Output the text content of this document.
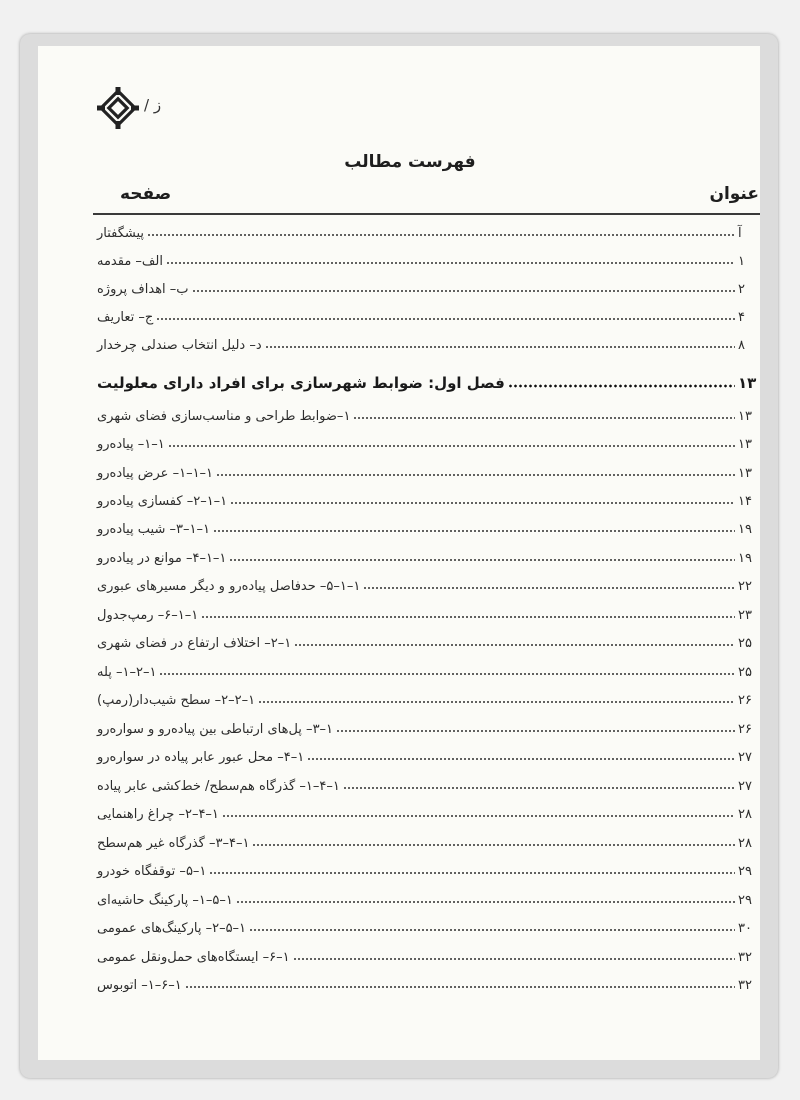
ز /
فهرست مطالب
عنوان
صفحه
پیشگفتار	آ
الف– مقدمه	۱
ب– اهداف پروژه	۲
ج– تعاریف	۴
د– دلیل انتخاب صندلی چرخدار	۸
فصل اول: ضوابط شهرسازی برای افراد دارای معلولیت	۱۳
۱–ضوابط طراحی و مناسب‌سازی فضای شهری	۱۳
۱–۱– پیاده‌رو	۱۳
۱–۱–۱– عرض پیاده‌رو	۱۳
۱–۱–۲– کفسازی پیاده‌رو	۱۴
۱–۱–۳– شیب پیاده‌رو	۱۹
۱–۱–۴– موانع در پیاده‌رو	۱۹
۱–۱–۵– حدفاصل پیاده‌رو و دیگر مسیرهای عبوری	۲۲
۱–۱–۶– رمپ‌جدول	۲۳
۱–۲– اختلاف ارتفاع در فضای شهری	۲۵
۱–۲–۱– پله	۲۵
۱–۲–۲– سطح شیب‌دار(رمپ)	۲۶
۱–۳– پل‌های ارتباطی بین پیاده‌رو و سواره‌رو	۲۶
۱–۴– محل عبور عابر پیاده در سواره‌رو	۲۷
۱–۴–۱– گذرگاه هم‌سطح/ خط‌کشی عابر پیاده	۲۷
۱–۴–۲– چراغ راهنمایی	۲۸
۱–۴–۳– گذرگاه غیر هم‌سطح	۲۸
۱–۵– توقفگاه خودرو	۲۹
۱–۵–۱– پارکینگ حاشیه‌ای	۲۹
۱–۵–۲– پارکینگ‌های عمومی	۳۰
۱–۶– ایستگاه‌های حمل‌ونقل عمومی	۳۲
۱–۶–۱– اتوبوس	۳۲
